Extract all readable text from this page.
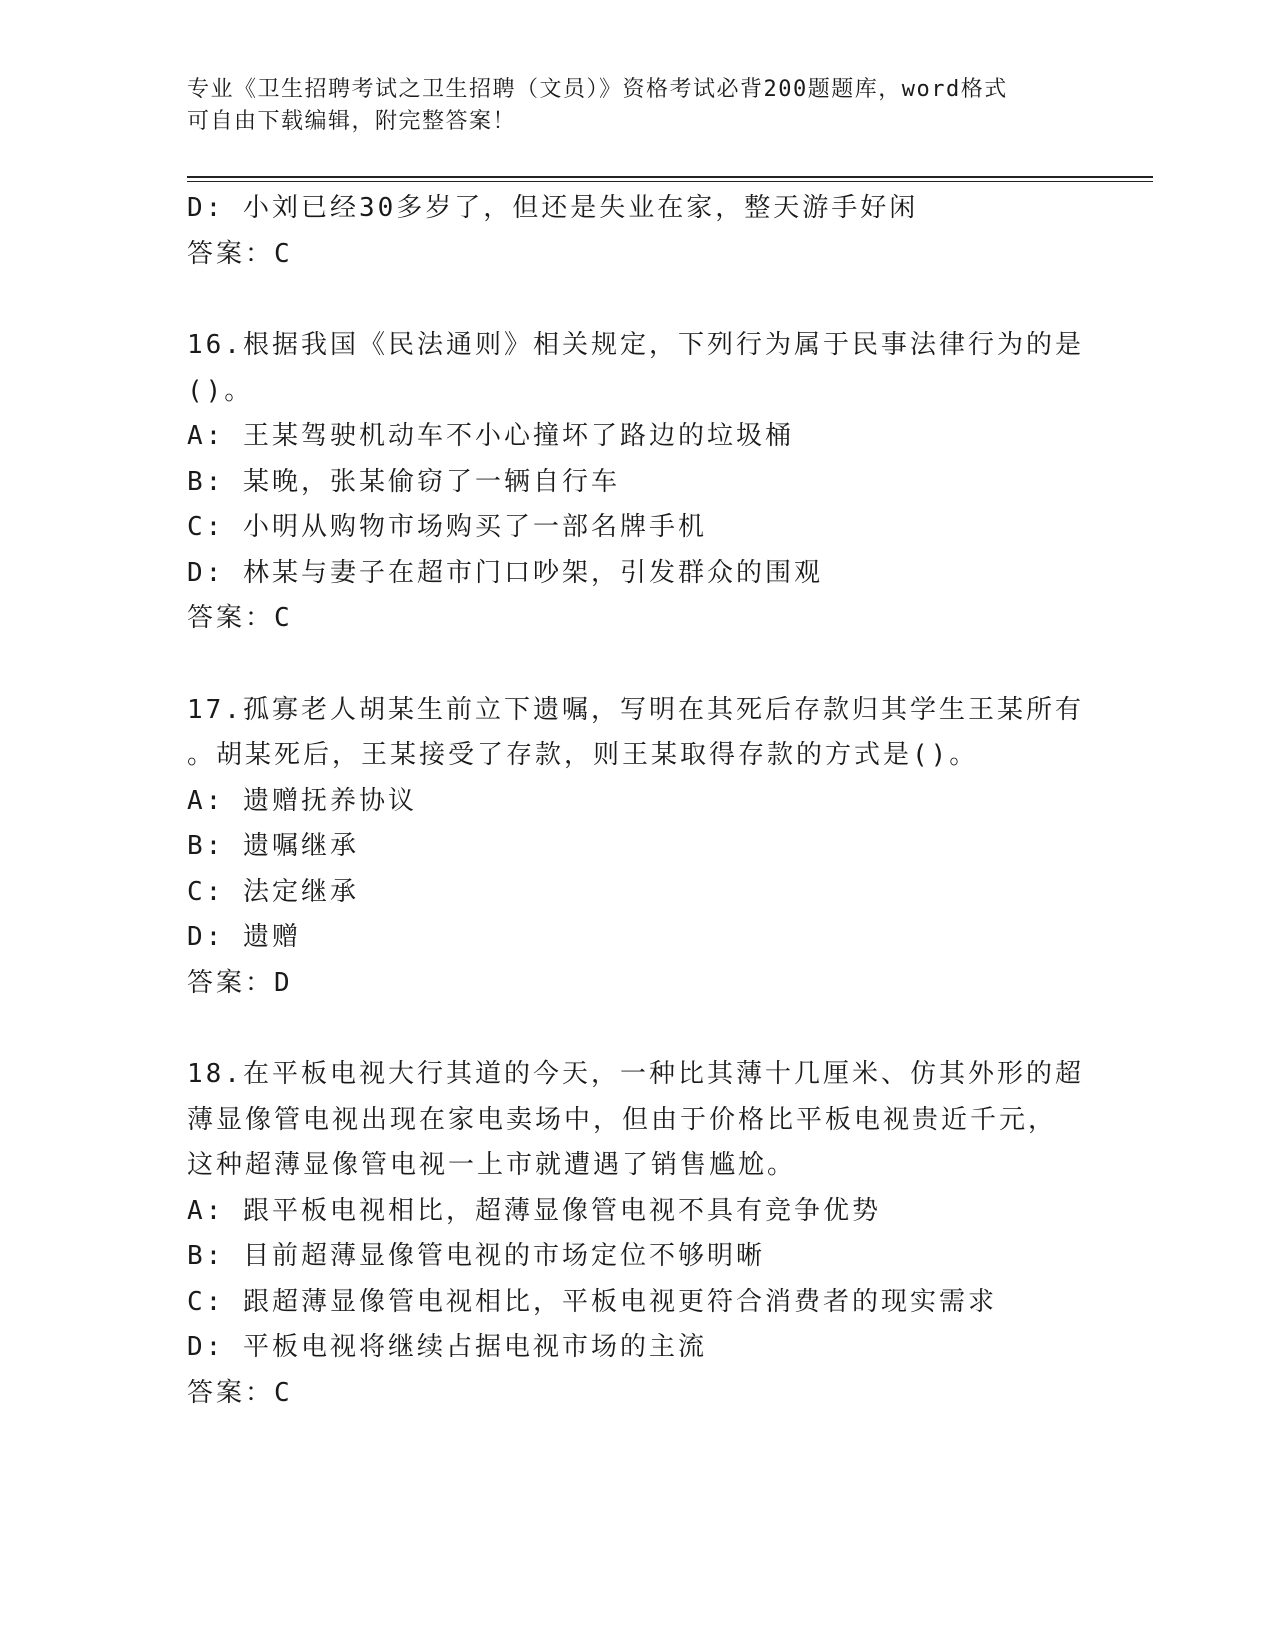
专业《卫生招聘考试之卫生招聘（文员）》资格考试必背200题题库，word格式
可自由下载编辑，附完整答案！
D: 小刘已经30多岁了，但还是失业在家，整天游手好闲
答案：C
16.根据我国《民法通则》相关规定，下列行为属于民事法律行为的是
()。
A: 王某驾驶机动车不小心撞坏了路边的垃圾桶
B: 某晚，张某偷窃了一辆自行车
C: 小明从购物市场购买了一部名牌手机
D: 林某与妻子在超市门口吵架，引发群众的围观
答案：C
17.孤寡老人胡某生前立下遗嘱，写明在其死后存款归其学生王某所有
。胡某死后，王某接受了存款，则王某取得存款的方式是()。
A: 遗赠抚养协议
B: 遗嘱继承
C: 法定继承
D: 遗赠
答案：D
18.在平板电视大行其道的今天，一种比其薄十几厘米、仿其外形的超
薄显像管电视出现在家电卖场中，但由于价格比平板电视贵近千元，
这种超薄显像管电视一上市就遭遇了销售尴尬。
A: 跟平板电视相比，超薄显像管电视不具有竞争优势
B: 目前超薄显像管电视的市场定位不够明晰
C: 跟超薄显像管电视相比，平板电视更符合消费者的现实需求
D: 平板电视将继续占据电视市场的主流
答案：C
